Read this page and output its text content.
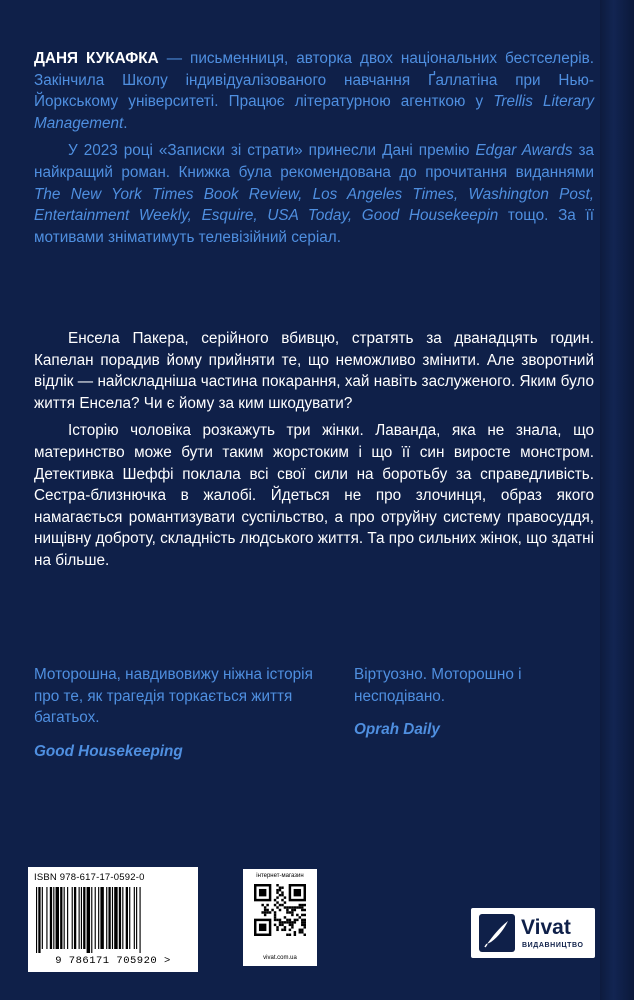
ДАНЯ КУКАФКА — письменниця, авторка двох національних бестселерів. Закінчила Школу індивідуалізованого навчання Ґаллатіна при Нью-Йоркському університеті. Працює літературною агенткою у Trellis Literary Management.

У 2023 році «Записки зі страти» принесли Дані премію Edgar Awards за найкращий роман. Книжка була рекомендована до прочитання виданнями The New York Times Book Review, Los Angeles Times, Washington Post, Entertainment Weekly, Esquire, USA Today, Good Housekeepin тощо. За її мотивами зніматимуть телевізійний серіал.

Енсела Пакера, серійного вбивцю, стратять за дванадцять годин. Капелан порадив йому прийняти те, що неможливо змінити. Але зворотний відлік — найскладніша частина покарання, хай навіть заслуженого. Яким було життя Енсела? Чи є йому за ким шкодувати?

Історію чоловіка розкажуть три жінки. Лаванда, яка не знала, що материнство може бути таким жорстоким і що її син виросте монстром. Детективка Шеффі поклала всі свої сили на боротьбу за справедливість. Сестра-близнючка в жалобі. Йдеться не про злочинця, образ якого намагається романтизувати суспільство, а про отруйну систему правосуддя, нищівну доброту, складність людського життя. Та про сильних жінок, що здатні на більше.

Моторошна, навдивовижу ніжна історія про те, як трагедія торкається життя багатьох.
Good Housekeeping
Віртуозно. Моторошно і несподівано.
Oprah Daily
ISBN 978-617-17-0592-0
9 786171 705920 >
інтернет-магазин
vivat.com.ua
Vivat
ВИДАВНИЦТВО
